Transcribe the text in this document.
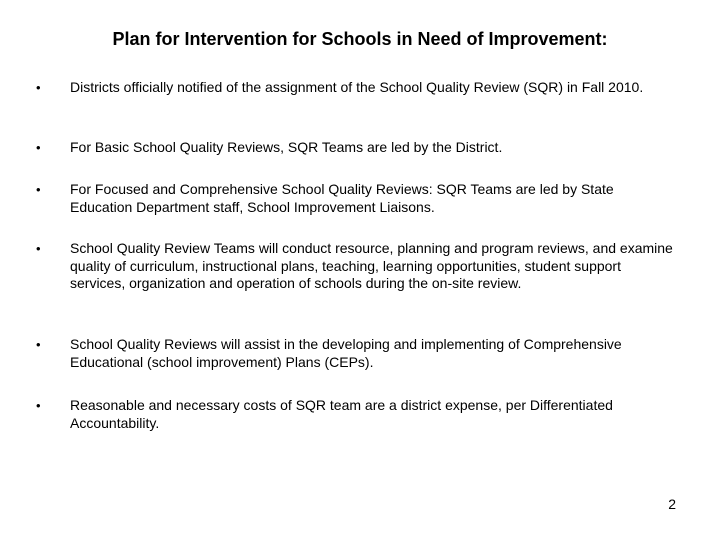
Plan for Intervention for Schools in Need of Improvement:
• Districts officially notified of the assignment of the School Quality Review (SQR) in Fall 2010.
• For Basic School Quality Reviews, SQR Teams are led by the District.
• For Focused and Comprehensive School Quality Reviews: SQR Teams are led by State Education Department staff, School Improvement Liaisons.
• School Quality Review Teams will conduct resource, planning and program reviews, and examine quality of curriculum, instructional plans, teaching, learning opportunities, student support services, organization and operation of schools during the on-site review.
• School Quality Reviews will assist in the developing and implementing of Comprehensive Educational (school improvement) Plans (CEPs).
• Reasonable and necessary costs of SQR team are a district expense, per Differentiated Accountability.
2
